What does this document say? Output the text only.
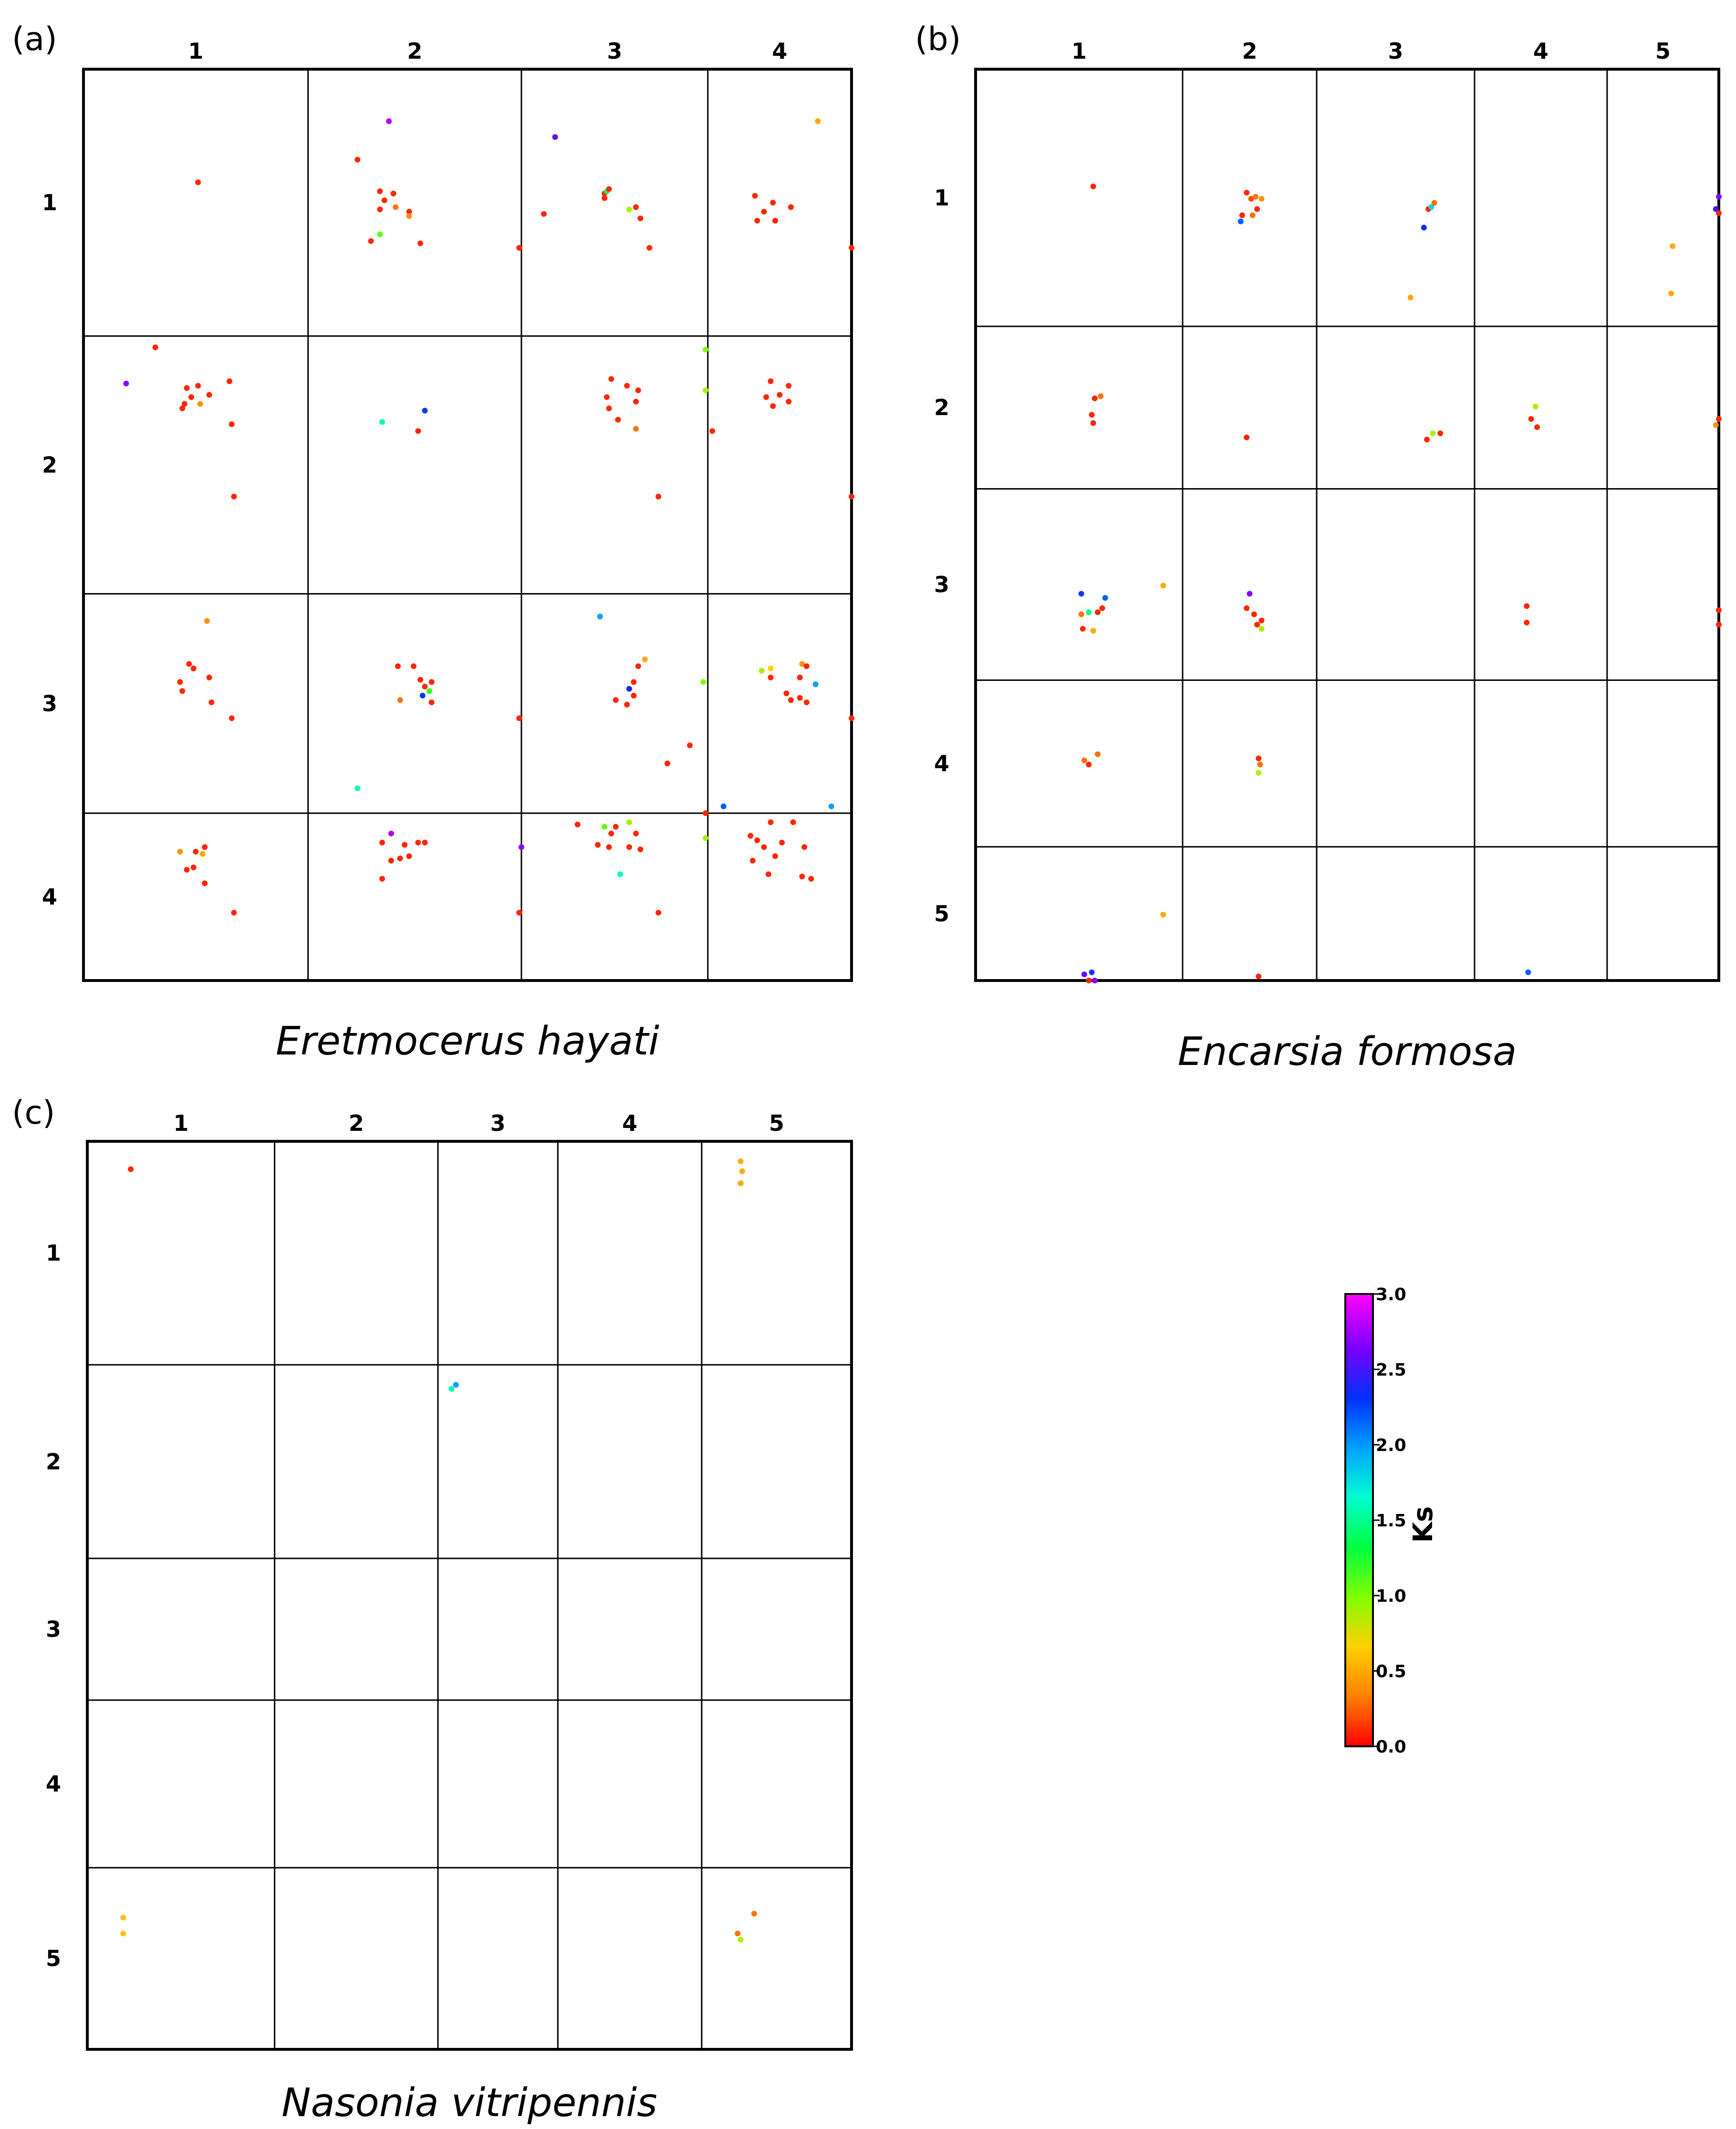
(a)	1	2	3	4
1
2
3
4
Eretmocerus hayati
(b)	1	2	3	4	5
1
2
3
4
5
Encarsia formosa
(c)	1	2	3	4	5
1
2
3
4
5
Nasonia vitripennis
Ks
3.0
2.5
2.0
1.5
1.0
0.5
0.0
